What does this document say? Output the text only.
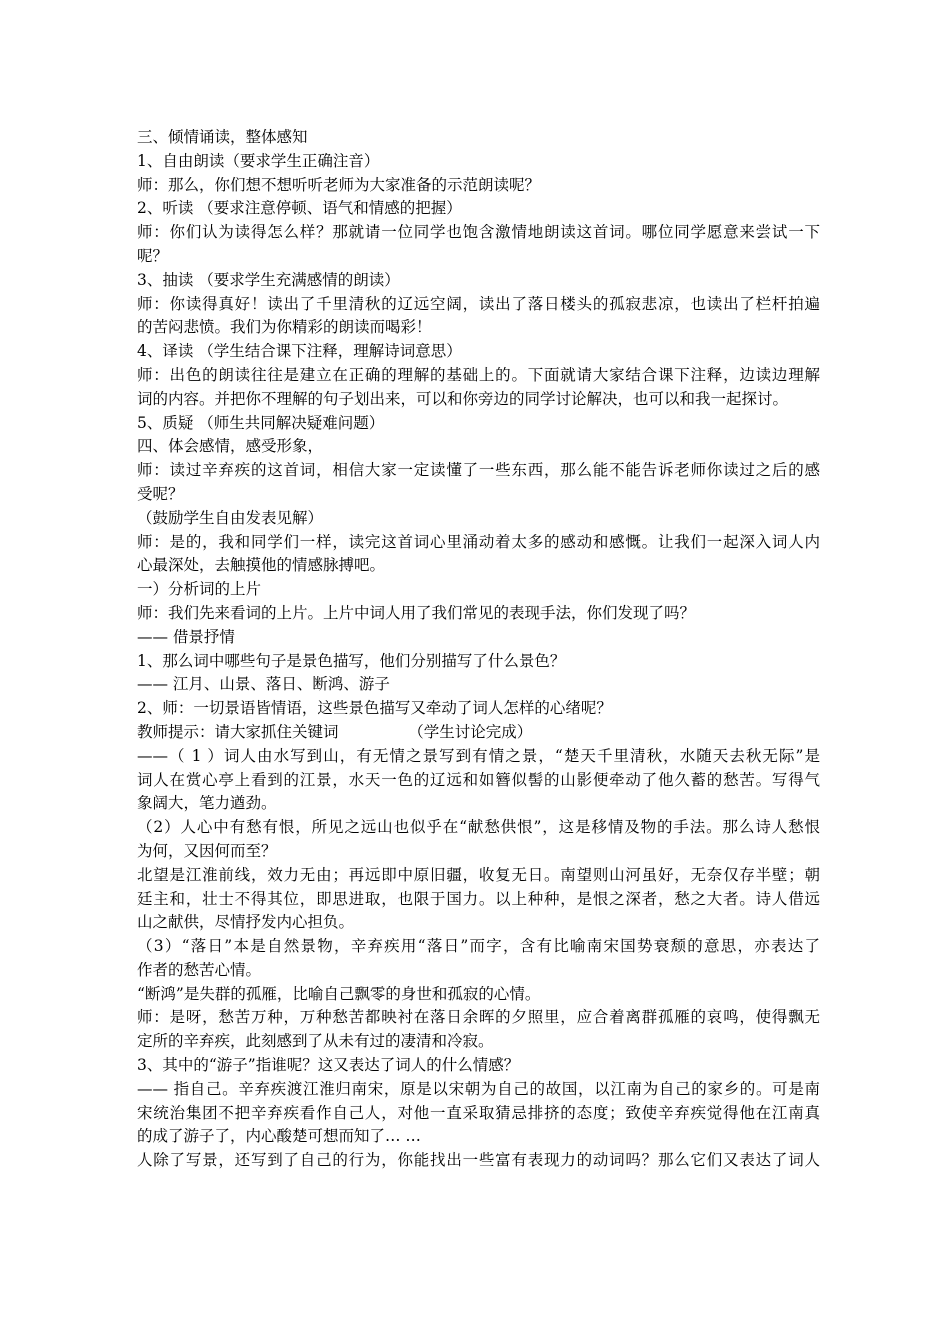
三、倾情诵读，整体感知
1、自由朗读（要求学生正确注音）
师：那么，你们想不想听听老师为大家准备的示范朗读呢？
2、听读 （要求注意停顿、语气和情感的把握）
师：你们认为读得怎么样？那就请一位同学也饱含激情地朗读这首词。哪位同学愿意来尝试一下
呢？
3、抽读 （要求学生充满感情的朗读）
师：你读得真好！读出了千里清秋的辽远空阔，读出了落日楼头的孤寂悲凉，也读出了栏杆拍遍
的苦闷悲愤。我们为你精彩的朗读而喝彩！
4、译读 （学生结合课下注释，理解诗词意思）
师：出色的朗读往往是建立在正确的理解的基础上的。下面就请大家结合课下注释，边读边理解
词的内容。并把你不理解的句子划出来，可以和你旁边的同学讨论解决，也可以和我一起探讨。
5、质疑 （师生共同解决疑难问题）
四、体会感情，感受形象，
师：读过辛弃疾的这首词，相信大家一定读懂了一些东西，那么能不能告诉老师你读过之后的感
受呢？
（鼓励学生自由发表见解）
师：是的，我和同学们一样，读完这首词心里涌动着太多的感动和感慨。让我们一起深入词人内
心最深处，去触摸他的情感脉搏吧。
一）分析词的上片
师：我们先来看词的上片。上片中词人用了我们常见的表现手法，你们发现了吗？
—— 借景抒情
1、那么词中哪些句子是景色描写，他们分别描写了什么景色？
—— 江月、山景、落日、断鸿、游子
2、师：一切景语皆情语，这些景色描写又牵动了词人怎样的心绪呢？
教师提示：请大家抓住关键词　　　　　（学生讨论完成）
——（ 1 ）词人由水写到山，有无情之景写到有情之景，“楚天千里清秋，水随天去秋无际”是
词人在赏心亭上看到的江景，水天一色的辽远和如簪似髻的山影便牵动了他久蓄的愁苦。写得气
象阔大，笔力遒劲。
（2）人心中有愁有恨，所见之远山也似乎在“献愁供恨”，这是移情及物的手法。那么诗人愁恨
为何，又因何而至？
北望是江淮前线，效力无由；再远即中原旧疆，收复无日。南望则山河虽好，无奈仅存半壁；朝
廷主和，壮士不得其位，即思进取，也限于国力。以上种种，是恨之深者，愁之大者。诗人借远
山之献供，尽情抒发内心担负。
（3）“落日”本是自然景物，辛弃疾用“落日”而字，含有比喻南宋国势衰颓的意思，亦表达了
作者的愁苦心情。
“断鸿”是失群的孤雁，比喻自己飘零的身世和孤寂的心情。
师：是呀，愁苦万种，万种愁苦都映衬在落日余晖的夕照里，应合着离群孤雁的哀鸣，使得飘无
定所的辛弃疾，此刻感到了从未有过的凄清和冷寂。
3、其中的“游子”指谁呢？这又表达了词人的什么情感？
—— 指自己。辛弃疾渡江淮归南宋，原是以宋朝为自己的故国，以江南为自己的家乡的。可是南
宋统治集团不把辛弃疾看作自己人，对他一直采取猜忌排挤的态度；致使辛弃疾觉得他在江南真
的成了游子了，内心酸楚可想而知了… …
人除了写景，还写到了自己的行为，你能找出一些富有表现力的动词吗？那么它们又表达了词人
